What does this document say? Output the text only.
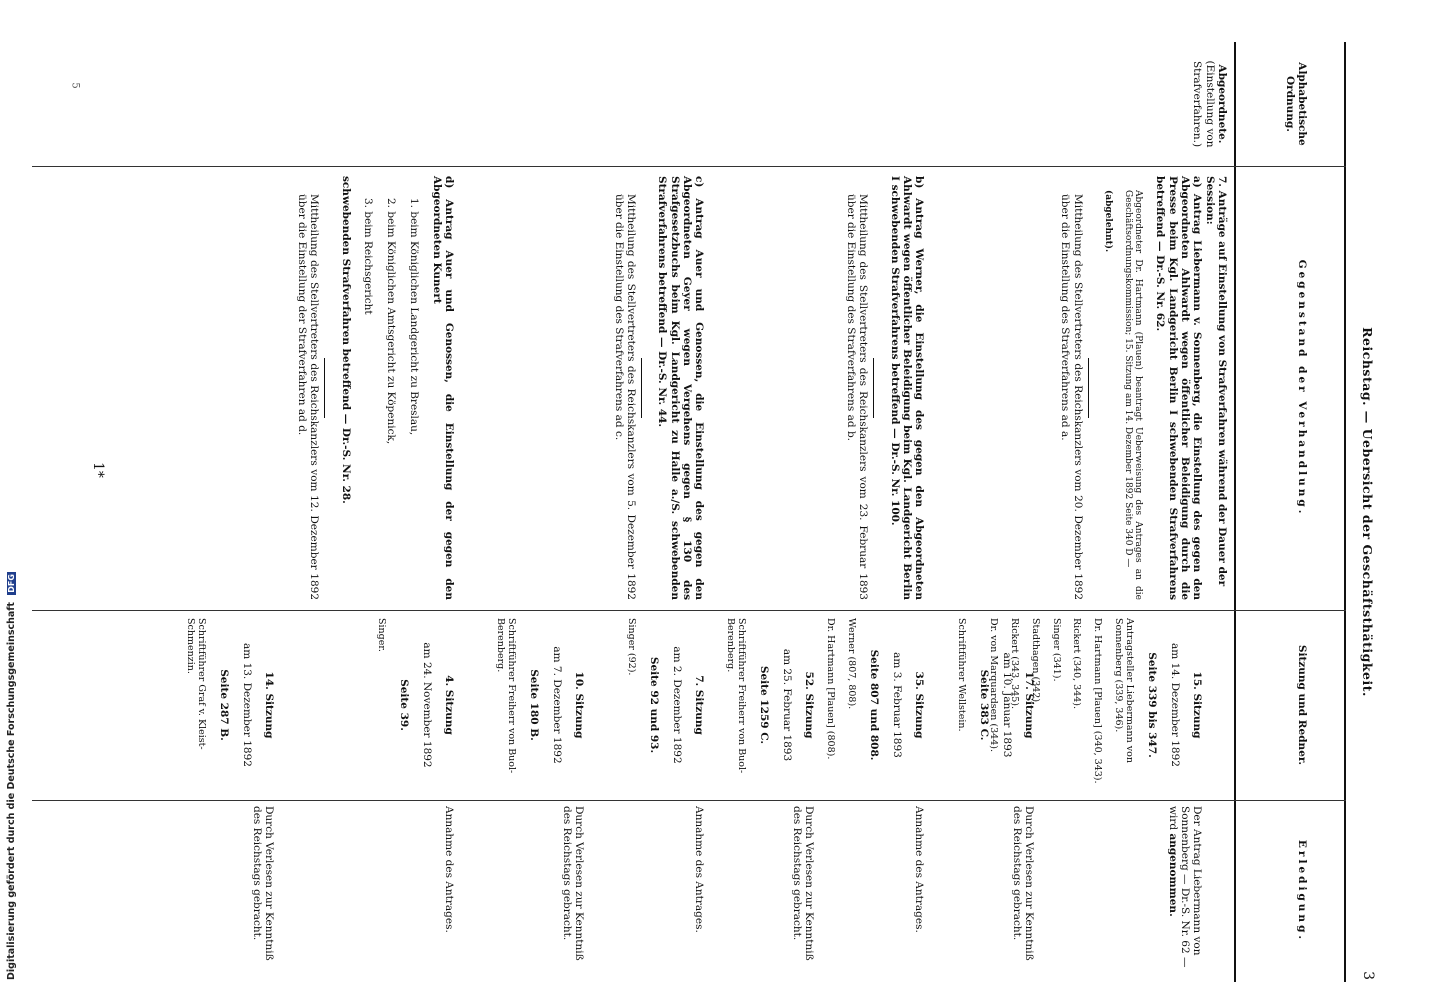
Reichstag. — Uebersicht der Geschäftsthätigkeit.
3
Alphabetische Ordnung.
Gegenstand der Verhandlung.
Sitzung und Redner.
Erledigung.

Abgeordnete.

(Einstellung von Strafverfahren.)

7. Anträge auf Einstellung von Strafverfahren während der Dauer der Session:

a) Antrag Liebermann v. Sonnenberg, die Einstellung des gegen den Abgeordneten Ahlwardt wegen öffentlicher Beleidigung durch die Presse beim Kgl. Landgericht Berlin I schwebenden Strafverfahrens betreffend — Dr.-S. Nr. 62.

Abgeordneter Dr. Hartmann (Plauen) beantragt Ueberweisung des Antrages an die Geschäftsordnungskommission; 15. Sitzung am 14. Dezember 1892 Seite 340 D —

(abgelehnt).

Mittheilung des Stellvertreters des Reichskanzlers vom 20. Dezember 1892 über die Einstellung des Strafverfahrens ad a.

15. Sitzung

am 14. Dezember 1892

Seite 339 bis 347.

Antragsteller Liebermann von Sonnenberg (339, 346).

Dr. Hartmann [Plauen] (340, 343).

Rickert (340, 344).

Singer (341).

Stadthagen (342).

Rickert (343, 345).

Dr. von Marquardsen (344). 17. Sitzung

am 10. Januar 1893

Seite 383 C.

Schriftführer Wellstein.

Der Antrag Liebermann von Sonnenberg — Dr.-S. Nr. 62 — wird angenommen.

Durch Verlesen zur Kenntniß des Reichstags gebracht.

b) Antrag Werner, die Einstellung des gegen den Abgeordneten Ahlwardt wegen öffentlicher Beleidigung beim Kgl. Landgericht Berlin I schwebenden Strafverfahrens betreffend — Dr.-S. Nr. 100.

Mittheilung des Stellvertreters des Reichskanzlers vom 23. Februar 1893 über die Einstellung des Strafverfahrens ad b.

35. Sitzung

am 3. Februar 1893

Seite 807 und 808.

Werner (807, 808).

Dr. Hartmann [Plauen] (808).

52. Sitzung

am 25. Februar 1893

Seite 1259 C.

Schriftführer Freiherr von Buol-Berenberg.

Annahme des Antrages.

Durch Verlesen zur Kenntniß des Reichstags gebracht.

c) Antrag Auer und Genossen, die Einstellung des gegen den Abgeordneten Geyer wegen Vergehens gegen § 130 des Strafgesetzbuchs beim Kgl. Landgericht zu Halle a./S. schwebenden Strafverfahrens betreffend — Dr.-S. Nr. 44.

Mittheilung des Stellvertreters des Reichskanzlers vom 5. Dezember 1892 über die Einstellung des Strafverfahrens ad c.

7. Sitzung

am 2. Dezember 1892

Seite 92 und 93.

Singer (92).

10. Sitzung

am 7. Dezember 1892

Seite 180 B.

Schriftführer Freiherr von Buol-Berenberg.

Annahme des Antrages.

Durch Verlesen zur Kenntniß des Reichstags gebracht.

d) Antrag Auer und Genossen, die Einstellung der gegen den Abgeordneten Kunert

1. beim Königlichen Landgericht zu Breslau,

2. beim Königlichen Amtsgericht zu Köpenick,

3. beim Reichsgericht

schwebenden Strafverfahren betreffend — Dr.-S. Nr. 28.

Mittheilung des Stellvertreters des Reichskanzlers vom 12. Dezember 1892 über die Einstellung der Strafverfahren ad d.

4. Sitzung

am 24. November 1892

Seite 39.

Singer.

14. Sitzung

am 13. Dezember 1892

Seite 287 B.

Schriftführer Graf v. Kleist-Schmenzin.

Annahme des Antrages.

Durch Verlesen zur Kenntniß des Reichstags gebracht.

1*
5
Digitalisierung gefördert durch die Deutsche Forschungsgemeinschaft DFG
